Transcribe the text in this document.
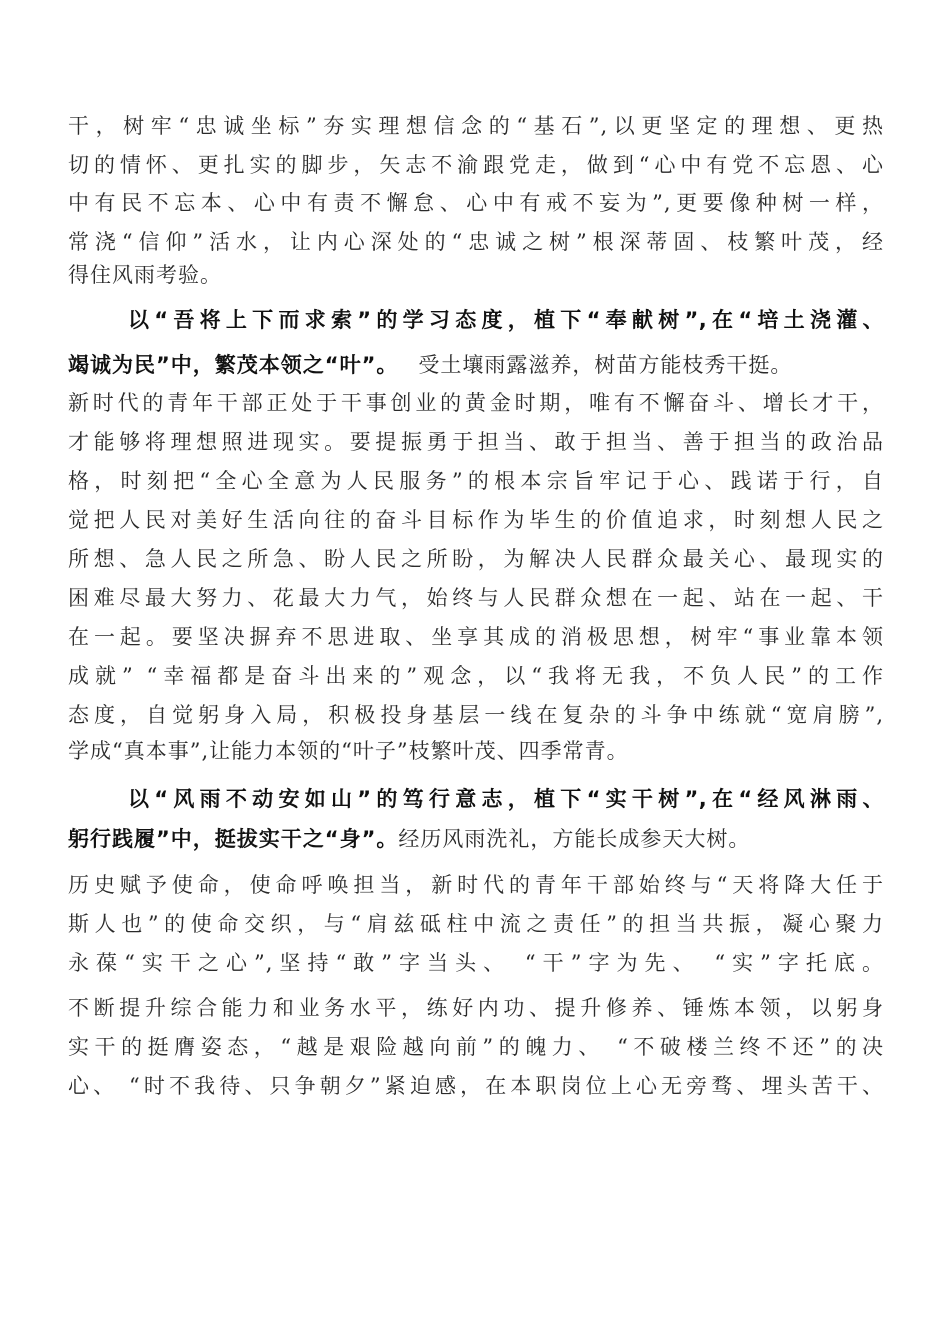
干，树牢“忠诚坐标”夯实理想信念的“基石”,以更坚定的理想、更热
切的情怀、更扎实的脚步，矢志不渝跟党走，做到“心中有党不忘恩、心
中有民不忘本、心中有责不懈怠、心中有戒不妄为”,更要像种树一样，
常浇“信仰”活水，让内心深处的“忠诚之树”根深蒂固、枝繁叶茂，经
得住风雨考验。
以“吾将上下而求索”的学习态度，植下“奉献树”,在“培土浇灌、
竭诚为民”中，繁茂本领之“叶”。 受土壤雨露滋养，树苗方能枝秀干挺。
新时代的青年干部正处于干事创业的黄金时期，唯有不懈奋斗、增长才干，
才能够将理想照进现实。要提振勇于担当、敢于担当、善于担当的政治品
格，时刻把“全心全意为人民服务”的根本宗旨牢记于心、践诺于行，自
觉把人民对美好生活向往的奋斗目标作为毕生的价值追求，时刻想人民之
所想、急人民之所急、盼人民之所盼，为解决人民群众最关心、最现实的
困难尽最大努力、花最大力气，始终与人民群众想在一起、站在一起、干
在一起。要坚决摒弃不思进取、坐享其成的消极思想，树牢“事业靠本领
成就” “幸福都是奋斗出来的”观念，以“我将无我，不负人民”的工作
态度，自觉躬身入局，积极投身基层一线在复杂的斗争中练就“宽肩膀”,
学成“真本事”,让能力本领的“叶子”枝繁叶茂、四季常青。
以“风雨不动安如山”的笃行意志，植下“实干树”,在“经风淋雨、
躬行践履”中，挺拔实干之“身”。经历风雨洗礼，方能长成参天大树。
历史赋予使命，使命呼唤担当，新时代的青年干部始终与“天将降大任于
斯人也”的使命交织，与“肩兹砥柱中流之责任”的担当共振，凝心聚力
永葆“实干之心”,坚持“敢”字当头、 “干”字为先、 “实”字托底。
不断提升综合能力和业务水平，练好内功、提升修养、锤炼本领，以躬身
实干的挺膺姿态，“越是艰险越向前”的魄力、 “不破楼兰终不还”的决
心、 “时不我待、只争朝夕”紧迫感，在本职岗位上心无旁骛、埋头苦干、
